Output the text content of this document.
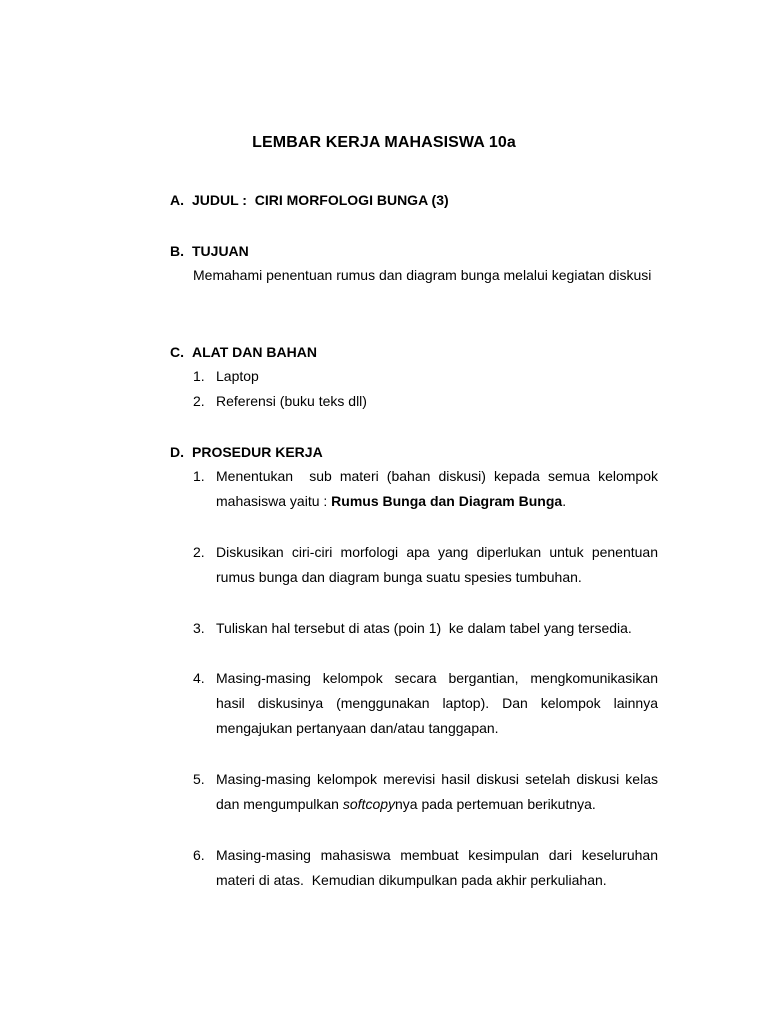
LEMBAR KERJA MAHASISWA 10a
A. JUDUL :  CIRI MORFOLOGI BUNGA (3)
B. TUJUAN
Memahami penentuan rumus dan diagram bunga melalui kegiatan diskusi
C. ALAT DAN BAHAN
1. Laptop
2. Referensi (buku teks dll)
D. PROSEDUR KERJA
1. Menentukan  sub materi (bahan diskusi) kepada semua kelompok mahasiswa yaitu : Rumus Bunga dan Diagram Bunga.
2. Diskusikan ciri-ciri morfologi apa yang diperlukan untuk penentuan rumus bunga dan diagram bunga suatu spesies tumbuhan.
3. Tuliskan hal tersebut di atas (poin 1)  ke dalam tabel yang tersedia.
4. Masing-masing kelompok secara bergantian, mengkomunikasikan hasil diskusinya (menggunakan laptop). Dan kelompok lainnya mengajukan pertanyaan dan/atau tanggapan.
5. Masing-masing kelompok merevisi hasil diskusi setelah diskusi kelas dan mengumpulkan softcopynya pada pertemuan berikutnya.
6. Masing-masing mahasiswa membuat kesimpulan dari keseluruhan materi di atas.  Kemudian dikumpulkan pada akhir perkuliahan.
